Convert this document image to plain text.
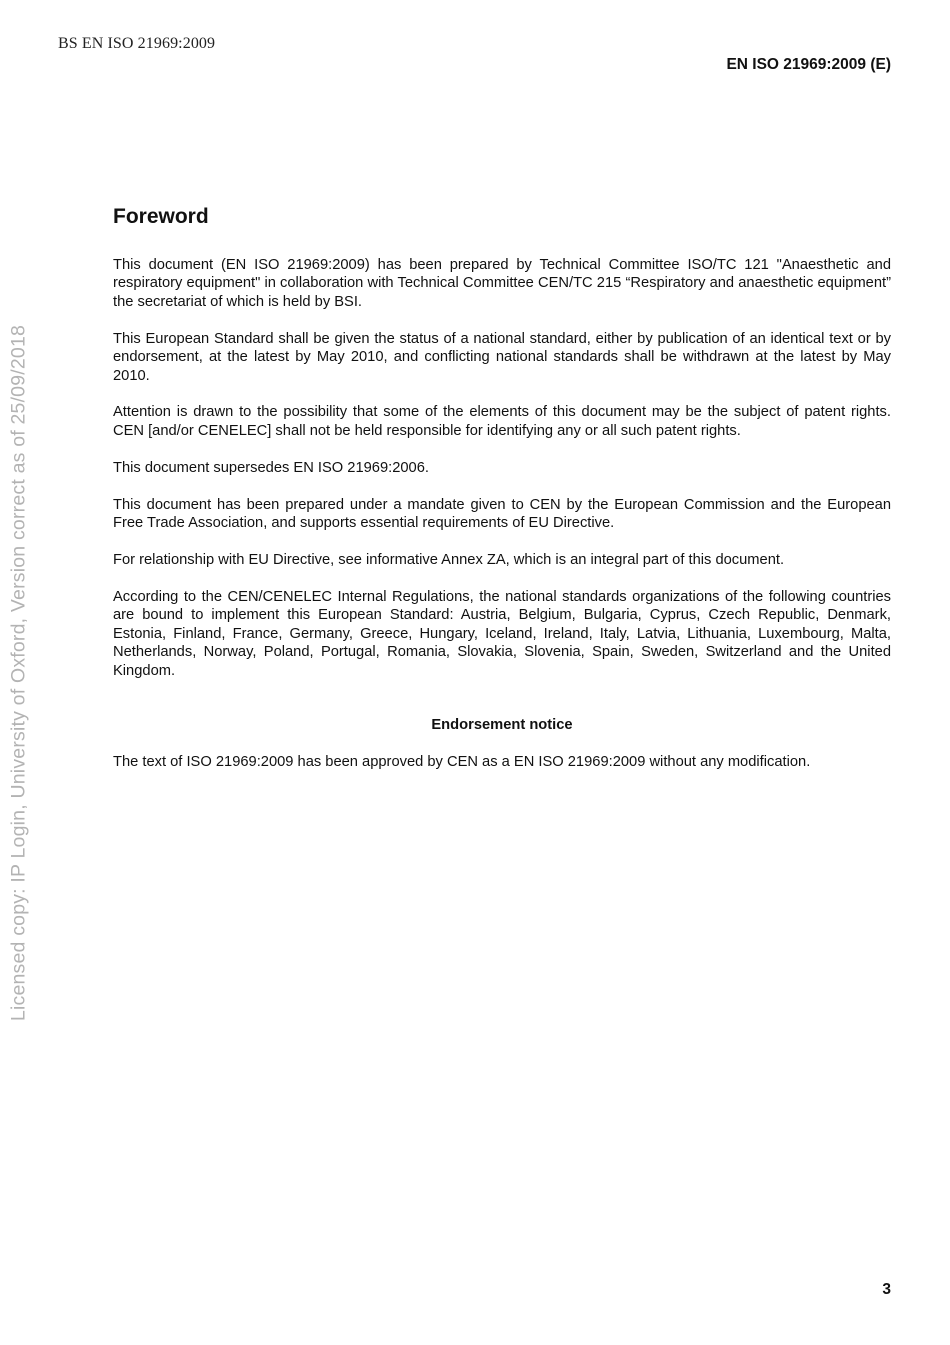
BS EN ISO 21969:2009
EN ISO 21969:2009 (E)
Licensed copy: IP Login, University of Oxford, Version correct as of 25/09/2018
Foreword

This document (EN ISO 21969:2009) has been prepared by Technical Committee ISO/TC 121 "Anaesthetic and respiratory equipment" in collaboration with Technical Committee CEN/TC 215 “Respiratory and anaesthetic equipment” the secretariat of which is held by BSI.

This European Standard shall be given the status of a national standard, either by publication of an identical text or by endorsement, at the latest by May 2010, and conflicting national standards shall be withdrawn at the latest by May 2010.

Attention is drawn to the possibility that some of the elements of this document may be the subject of patent rights. CEN [and/or CENELEC] shall not be held responsible for identifying any or all such patent rights.

This document supersedes EN ISO 21969:2006.

This document has been prepared under a mandate given to CEN by the European Commission and the European Free Trade Association, and supports essential requirements of EU Directive.

For relationship with EU Directive, see informative Annex ZA, which is an integral part of this document.

According to the CEN/CENELEC Internal Regulations, the national standards organizations of the following countries are bound to implement this European Standard: Austria, Belgium, Bulgaria, Cyprus, Czech Republic, Denmark, Estonia, Finland, France, Germany, Greece, Hungary, Iceland, Ireland, Italy, Latvia, Lithuania, Luxembourg, Malta, Netherlands, Norway, Poland, Portugal, Romania, Slovakia, Slovenia, Spain, Sweden, Switzerland and the United Kingdom.

Endorsement notice

The text of ISO 21969:2009 has been approved by CEN as a EN ISO 21969:2009 without any modification.

3
